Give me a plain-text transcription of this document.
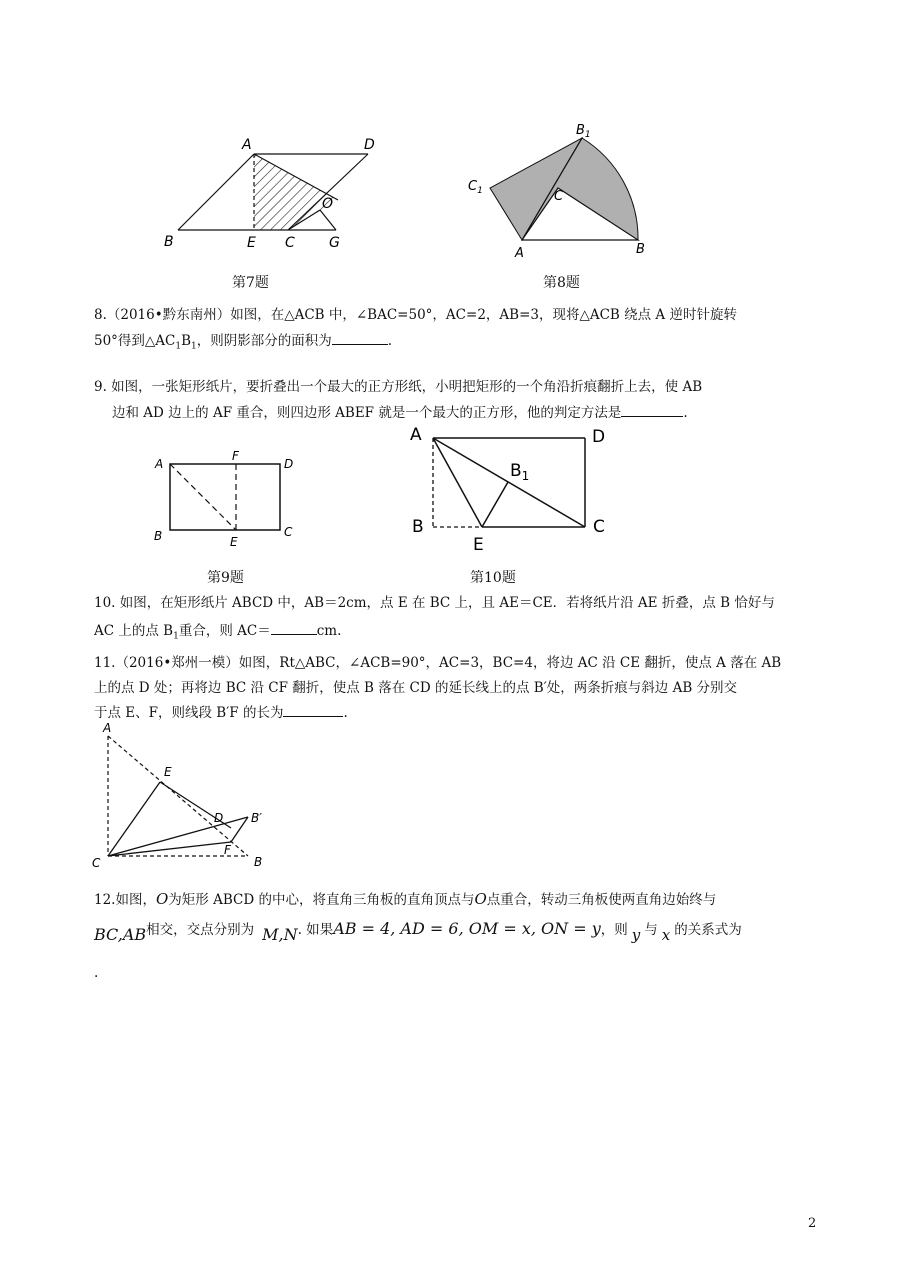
A	D
B	E C G
O
第7题
$B_1$
$C_1$	C
A	B
第8题
8.（2016•黔东南州）如图，在△ACB 中，∠BAC=50°，AC=2，AB=3，现将△ACB 绕点 A 逆时针旋转
50°得到$\triangle AC_1B_1$，则阴影部分的面积为	.
9. 如图，一张矩形纸片，要折叠出一个最大的正方形纸，小明把矩形的一个角沿折痕翻折上去，使 AB
边和 AD 边上的 AF 重合，则四边形 ABEF 就是一个最大的正方形，他的判定方法是	.
A
F
D
B	E
C
第9题
A	D
$B_1$
B
E
C
第10题
10. 如图，在矩形纸片 ABCD 中，AB＝2cm，点 E 在 BC 上，且 AE＝CE．若将纸片沿 AE 折叠，点 B 恰好与
AC 上的点 $B_1$重合，则 AC＝	cm.
11.（2016•郑州一模）如图，Rt△ABC，∠ACB=90°，AC=3，BC=4，将边 AC 沿 CE 翻折，使点 A 落在 AB
上的点 D 处；再将边 BC 沿 CF 翻折，使点 B 落在 CD 的延长线上的点 B′处，两条折痕与斜边 AB 分别交
于点 E、F，则线段 B′F 的长为	.
A
E
D B′
C
F
B
12.如图，O为矩形 ABCD 的中心，将直角三角板的直角顶点与O点重合，转动三角板使两直角边始终与
BC,AB相交，交点分别为 M,N. 如果AB = 4, AD = 6, OM = x, ON = y，则 y 与 x 的关系式为
.
2
